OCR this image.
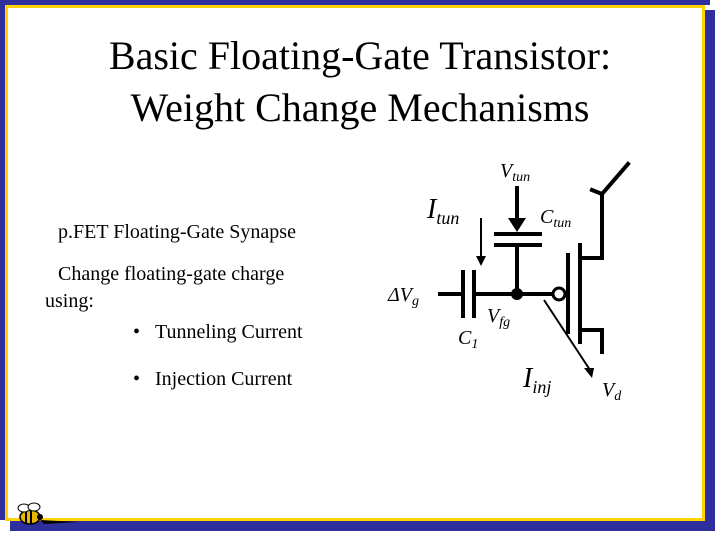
Basic Floating-Gate Transistor:
Weight Change Mechanisms
p.FET Floating-Gate Synapse
Change floating-gate charge
using:
• Tunneling Current
• Injection Current
$V_{tun}$
$I_{tun}$	$C_{tun}$
$\Delta V_g$
$V_{fg}$
$C_1$
$I_{inj}$	$V_d$
